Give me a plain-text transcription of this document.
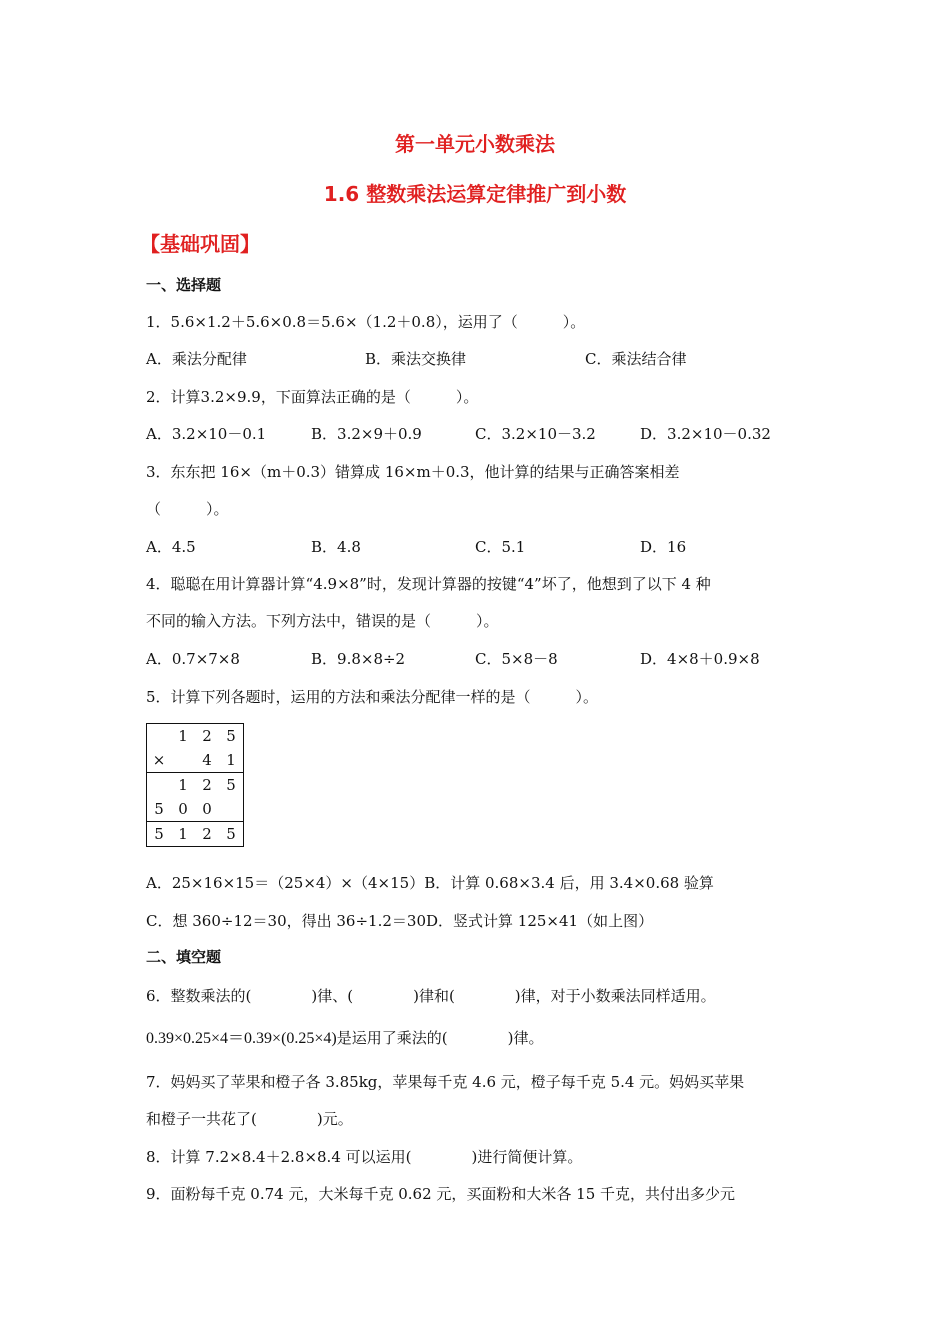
第一单元小数乘法
1.6 整数乘法运算定律推广到小数
【基础巩固】
一、选择题
1．5.6×1.2＋5.6×0.8＝5.6×（1.2＋0.8），运用了（　　　）。
A．乘法分配律	B．乘法交换律	C．乘法结合律
2．计算3.2×9.9，下面算法正确的是（　　　）。
A．3.2×10－0.1	B．3.2×9＋0.9	C．3.2×10－3.2	D．3.2×10－0.32
3．东东把 16×（m＋0.3）错算成 16×m＋0.3，他计算的结果与正确答案相差
（　　　）。
A．4.5	B．4.8	C．5.1	D．16
4．聪聪在用计算器计算“4.9×8”时，发现计算器的按键“4”坏了，他想到了以下 4 种
不同的输入方法。下列方法中，错误的是（　　　）。
A．0.7×7×8	B．9.8×8÷2	C．5×8－8	D．4×8＋0.9×8
5．计算下列各题时，运用的方法和乘法分配律一样的是（　　　）。
	1	2	5
×		4	1
	1	2	5
5	0	0	
5	1	2	5
A．25×16×15＝（25×4）×（4×15）B．计算 0.68×3.4 后，用 3.4×0.68 验算
C．想 360÷12＝30，得出 36÷1.2＝30D．竖式计算 125×41（如上图）
二、填空题
6．整数乘法的(　　　　)律、(　　　　)律和(　　　　)律，对于小数乘法同样适用。
0.39×0.25×4＝0.39×(0.25×4)是运用了乘法的(　　　　)律。
7．妈妈买了苹果和橙子各 3.85kg，苹果每千克 4.6 元，橙子每千克 5.4 元。妈妈买苹果
和橙子一共花了(　　　　)元。
8．计算 7.2×8.4＋2.8×8.4 可以运用(　　　　)进行简便计算。
9．面粉每千克 0.74 元，大米每千克 0.62 元，买面粉和大米各 15 千克，共付出多少元
